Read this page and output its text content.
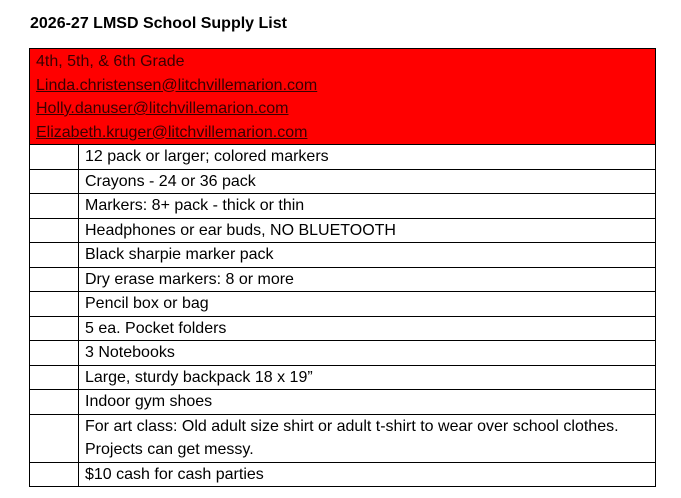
2026-27 LMSD School Supply List
4th, 5th, & 6th Grade
Linda.christensen@litchvillemarion.com
Holly.danuser@litchvillemarion.com
Elizabeth.kruger@litchvillemarion.com	

	12 pack or larger; colored markers
	Crayons - 24 or 36 pack
	Markers: 8+ pack - thick or thin
	Headphones or ear buds, NO BLUETOOTH
	Black sharpie marker pack
	Dry erase markers: 8 or more
	Pencil box or bag
	5 ea. Pocket folders
	3 Notebooks
	Large, sturdy backpack 18 x 19”
	Indoor gym shoes
	For art class: Old adult size shirt or adult t-shirt to wear over school clothes. Projects can get messy.
	$10 cash for cash parties
